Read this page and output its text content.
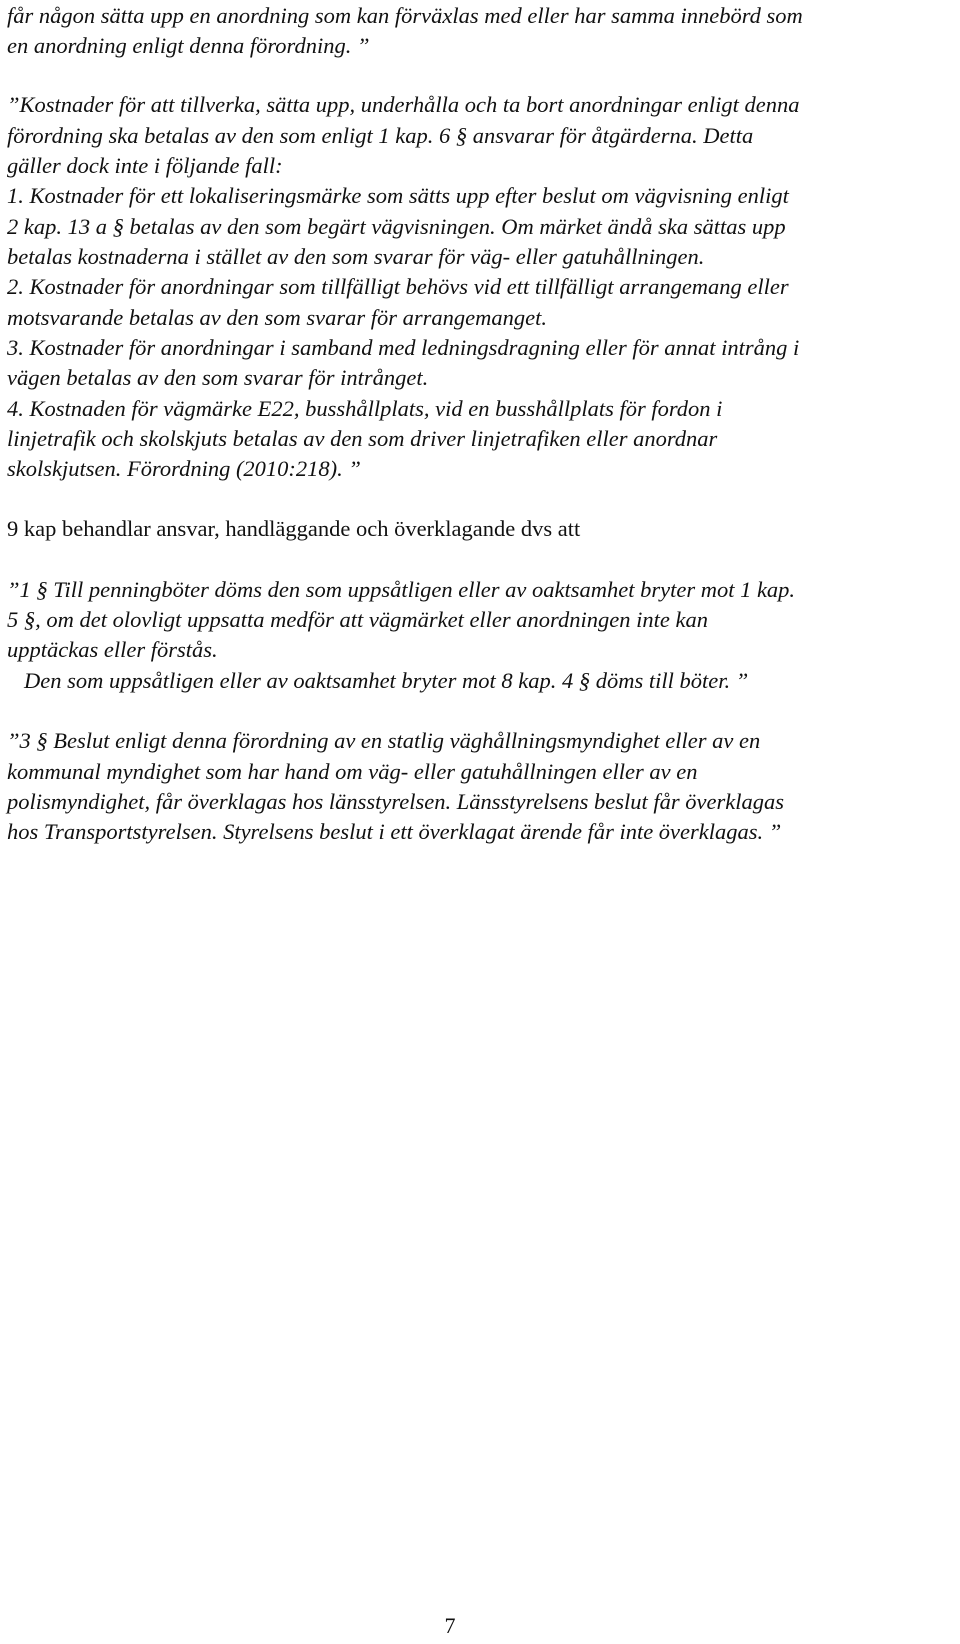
får någon sätta upp en anordning som kan förväxlas med eller har samma innebörd som
en anordning enligt denna förordning. ”
”Kostnader för att tillverka, sätta upp, underhålla och ta bort anordningar enligt denna
förordning ska betalas av den som enligt 1 kap. 6 § ansvarar för åtgärderna. Detta
gäller dock inte i följande fall:
1. Kostnader för ett lokaliseringsmärke som sätts upp efter beslut om vägvisning enligt
2 kap. 13 a § betalas av den som begärt vägvisningen. Om märket ändå ska sättas upp
betalas kostnaderna i stället av den som svarar för väg- eller gatuhållningen.
2. Kostnader för anordningar som tillfälligt behövs vid ett tillfälligt arrangemang eller
motsvarande betalas av den som svarar för arrangemanget.
3. Kostnader för anordningar i samband med ledningsdragning eller för annat intrång i
vägen betalas av den som svarar för intrånget.
4. Kostnaden för vägmärke E22, busshållplats, vid en busshållplats för fordon i
linjetrafik och skolskjuts betalas av den som driver linjetrafiken eller anordnar
skolskjutsen. Förordning (2010:218). ”
9 kap behandlar ansvar, handläggande och överklagande dvs att
”1 § Till penningböter döms den som uppsåtligen eller av oaktsamhet bryter mot 1 kap.
5 §, om det olovligt uppsatta medför att vägmärket eller anordningen inte kan
upptäckas eller förstås.
Den som uppsåtligen eller av oaktsamhet bryter mot 8 kap. 4 § döms till böter. ”
”3 § Beslut enligt denna förordning av en statlig väghållningsmyndighet eller av en
kommunal myndighet som har hand om väg- eller gatuhållningen eller av en
polismyndighet, får överklagas hos länsstyrelsen. Länsstyrelsens beslut får överklagas
hos Transportstyrelsen. Styrelsens beslut i ett överklagat ärende får inte överklagas. ”
7
